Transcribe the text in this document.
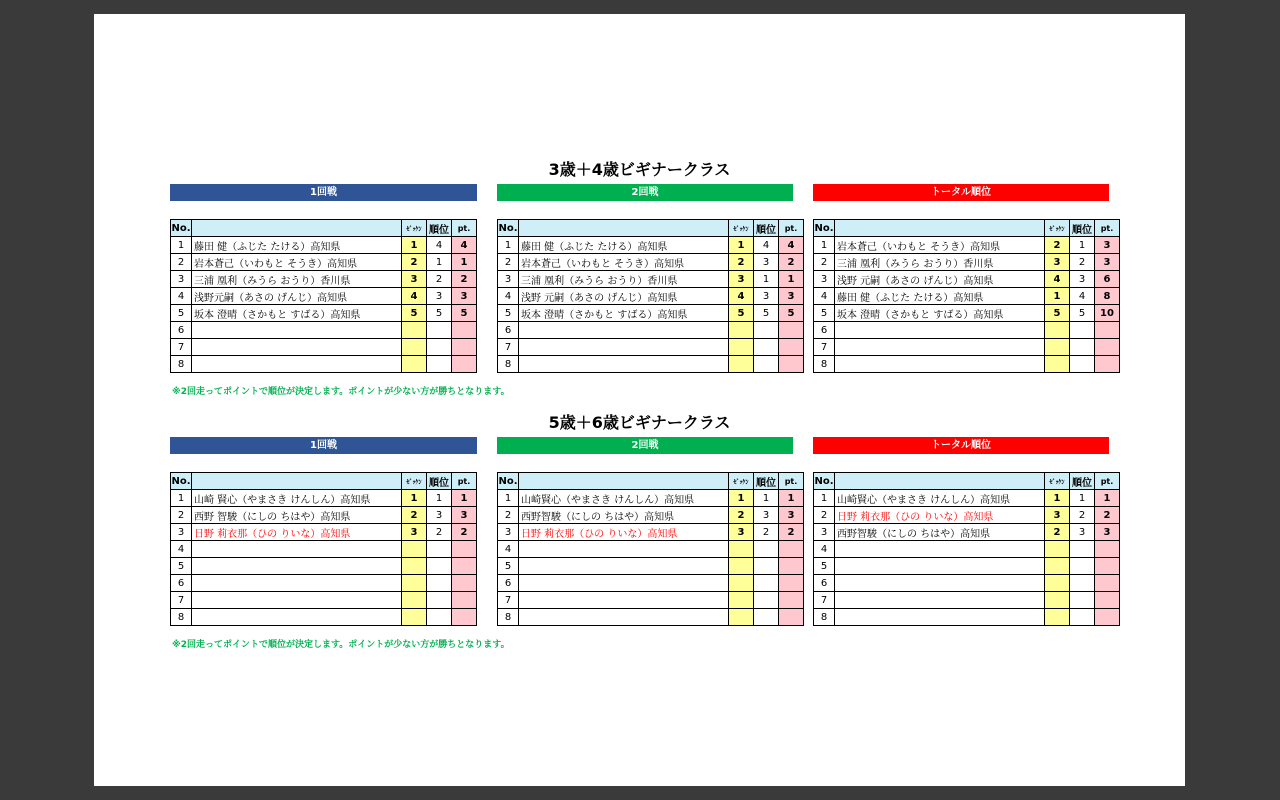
3歳＋4歳ビギナークラス
1回戦	2回戦	トータル順位
No.		ｾﾞｯｹﾝ	順位	pt.
1	藤田 健（ふじた たける）高知県	1	4	4
2	岩本蒼己（いわもと そうき）高知県	2	1	1
3	三浦 凰利（みうら おうり）香川県	3	2	2
4	浅野元嗣（あさの げんじ）高知県	4	3	3
5	坂本 澄晴（さかもと すばる）高知県	5	5	5
6				
7				
8				
No.		ｾﾞｯｹﾝ	順位	pt.
1	藤田 健（ふじた たける）高知県	1	4	4
2	岩本蒼己（いわもと そうき）高知県	2	3	2
3	三浦 凰利（みうら おうり）香川県	3	1	1
4	浅野 元嗣（あさの げんじ）高知県	4	3	3
5	坂本 澄晴（さかもと すばる）高知県	5	5	5
6				
7				
8				
No.		ｾﾞｯｹﾝ	順位	pt.
1	岩本蒼己（いわもと そうき）高知県	2	1	3
2	三浦 凰利（みうら おうり）香川県	3	2	3
3	浅野 元嗣（あさの げんじ）高知県	4	3	6
4	藤田 健（ふじた たける）高知県	1	4	8
5	坂本 澄晴（さかもと すばる）高知県	5	5	10
6				
7				
8				
※2回走ってポイントで順位が決定します。ポイントが少ない方が勝ちとなります。
5歳＋6歳ビギナークラス
1回戦	2回戦	トータル順位
No.		ｾﾞｯｹﾝ	順位	pt.
1	山崎 賢心（やまさき けんしん）高知県	1	1	1
2	西野 智駿（にしの ちはや）高知県	2	3	3
3	日野 莉衣那（ひの りいな）高知県	3	2	2
4				
5				
6				
7				
8				
No.		ｾﾞｯｹﾝ	順位	pt.
1	山崎賢心（やまさき けんしん）高知県	1	1	1
2	西野智駿（にしの ちはや）高知県	2	3	3
3	日野 莉衣那（ひの りいな）高知県	3	2	2
4				
5				
6				
7				
8				
No.		ｾﾞｯｹﾝ	順位	pt.
1	山崎賢心（やまさき けんしん）高知県	1	1	1
2	日野 莉衣那（ひの りいな）高知県	3	2	2
3	西野智駿（にしの ちはや）高知県	2	3	3
4				
5				
6				
7				
8				
※2回走ってポイントで順位が決定します。ポイントが少ない方が勝ちとなります。
